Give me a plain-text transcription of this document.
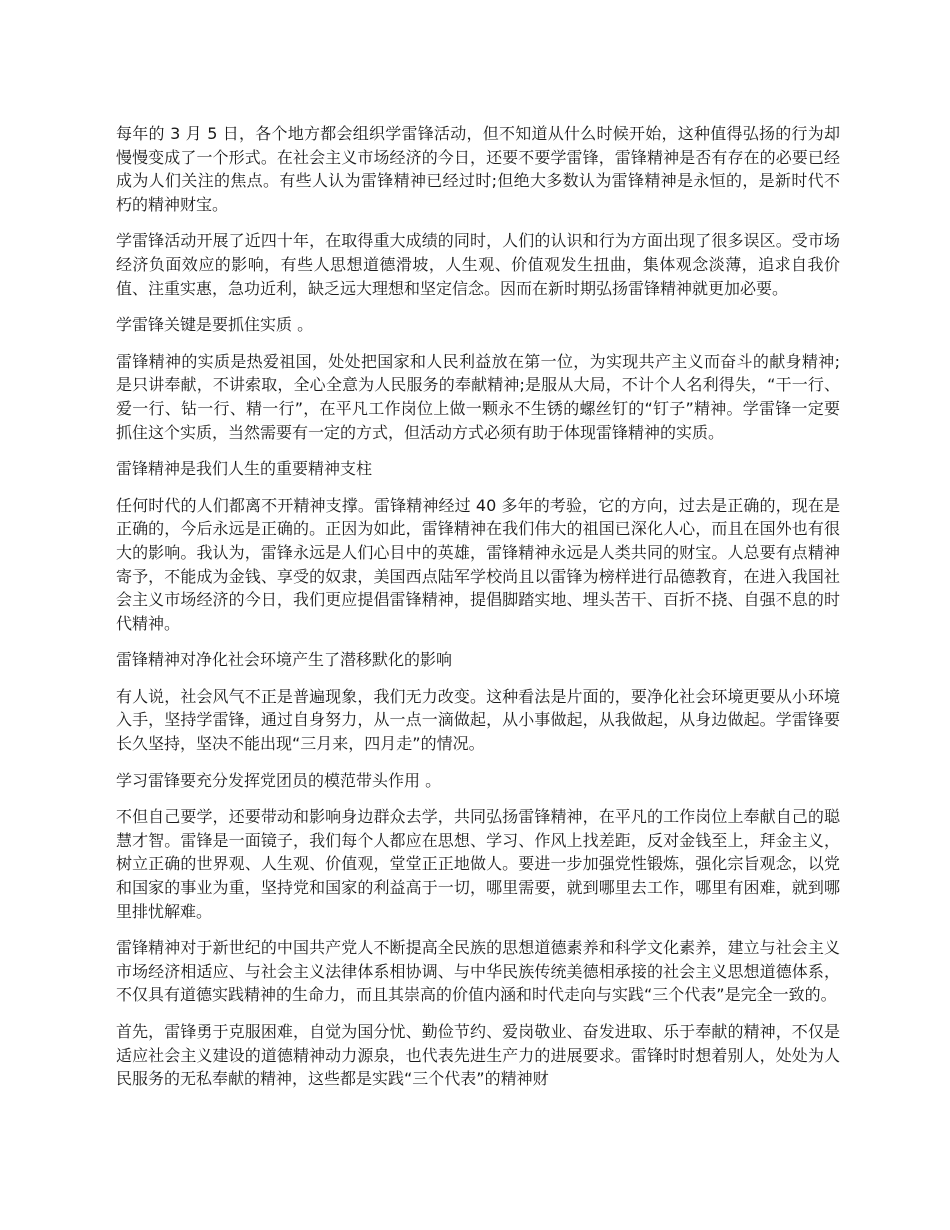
每年的 3 月 5 日，各个地方都会组织学雷锋活动，但不知道从什么时候开始，这种值得弘扬的行为却慢慢变成了一个形式。在社会主义市场经济的今日，还要不要学雷锋，雷锋精神是否有存在的必要已经成为人们关注的焦点。有些人认为雷锋精神已经过时;但绝大多数认为雷锋精神是永恒的，是新时代不朽的精神财宝。

学雷锋活动开展了近四十年，在取得重大成绩的同时，人们的认识和行为方面出现了很多误区。受市场经济负面效应的影响，有些人思想道德滑坡，人生观、价值观发生扭曲，集体观念淡薄，追求自我价值、注重实惠，急功近利，缺乏远大理想和坚定信念。因而在新时期弘扬雷锋精神就更加必要。

学雷锋关键是要抓住实质 。

雷锋精神的实质是热爱祖国，处处把国家和人民利益放在第一位，为实现共产主义而奋斗的献身精神;是只讲奉献，不讲索取，全心全意为人民服务的奉献精神;是服从大局，不计个人名利得失，“干一行、爱一行、钻一行、精一行”，在平凡工作岗位上做一颗永不生锈的螺丝钉的“钉子”精神。学雷锋一定要抓住这个实质，当然需要有一定的方式，但活动方式必须有助于体现雷锋精神的实质。

雷锋精神是我们人生的重要精神支柱

任何时代的人们都离不开精神支撑。雷锋精神经过 40 多年的考验，它的方向，过去是正确的，现在是正确的，今后永远是正确的。正因为如此，雷锋精神在我们伟大的祖国已深化人心，而且在国外也有很大的影响。我认为，雷锋永远是人们心目中的英雄，雷锋精神永远是人类共同的财宝。人总要有点精神寄予，不能成为金钱、享受的奴隶，美国西点陆军学校尚且以雷锋为榜样进行品德教育，在进入我国社会主义市场经济的今日，我们更应提倡雷锋精神，提倡脚踏实地、埋头苦干、百折不挠、自强不息的时代精神。

雷锋精神对净化社会环境产生了潜移默化的影响

有人说，社会风气不正是普遍现象，我们无力改变。这种看法是片面的，要净化社会环境更要从小环境入手，坚持学雷锋，通过自身努力，从一点一滴做起，从小事做起，从我做起，从身边做起。学雷锋要长久坚持，坚决不能出现“三月来，四月走”的情况。

学习雷锋要充分发挥党团员的模范带头作用 。

不但自己要学，还要带动和影响身边群众去学，共同弘扬雷锋精神，在平凡的工作岗位上奉献自己的聪慧才智。雷锋是一面镜子，我们每个人都应在思想、学习、作风上找差距，反对金钱至上，拜金主义，树立正确的世界观、人生观、价值观，堂堂正正地做人。要进一步加强党性锻炼，强化宗旨观念，以党和国家的事业为重，坚持党和国家的利益高于一切，哪里需要，就到哪里去工作，哪里有困难，就到哪里排忧解难。

雷锋精神对于新世纪的中国共产党人不断提高全民族的思想道德素养和科学文化素养，建立与社会主义市场经济相适应、与社会主义法律体系相协调、与中华民族传统美德相承接的社会主义思想道德体系，不仅具有道德实践精神的生命力，而且其崇高的价值内涵和时代走向与实践“三个代表”是完全一致的。

首先，雷锋勇于克服困难，自觉为国分忧、勤俭节约、爱岗敬业、奋发进取、乐于奉献的精神，不仅是适应社会主义建设的道德精神动力源泉，也代表先进生产力的进展要求。雷锋时时想着别人，处处为人民服务的无私奉献的精神，这些都是实践“三个代表”的精神财
